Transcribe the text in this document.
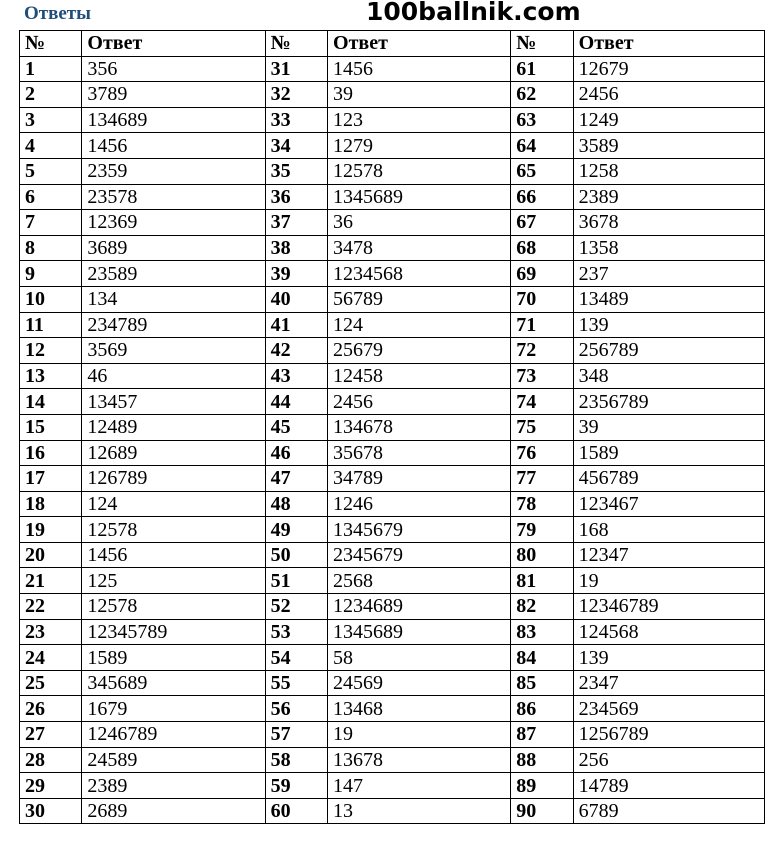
Ответы	100ballnik.com
№	Ответ	№	Ответ	№	Ответ
1	356	31	1456	61	12679
2	3789	32	39	62	2456
3	134689	33	123	63	1249
4	1456	34	1279	64	3589
5	2359	35	12578	65	1258
6	23578	36	1345689	66	2389
7	12369	37	36	67	3678
8	3689	38	3478	68	1358
9	23589	39	1234568	69	237
10	134	40	56789	70	13489
11	234789	41	124	71	139
12	3569	42	25679	72	256789
13	46	43	12458	73	348
14	13457	44	2456	74	2356789
15	12489	45	134678	75	39
16	12689	46	35678	76	1589
17	126789	47	34789	77	456789
18	124	48	1246	78	123467
19	12578	49	1345679	79	168
20	1456	50	2345679	80	12347
21	125	51	2568	81	19
22	12578	52	1234689	82	12346789
23	12345789	53	1345689	83	124568
24	1589	54	58	84	139
25	345689	55	24569	85	2347
26	1679	56	13468	86	234569
27	1246789	57	19	87	1256789
28	24589	58	13678	88	256
29	2389	59	147	89	14789
30	2689	60	13	90	6789
